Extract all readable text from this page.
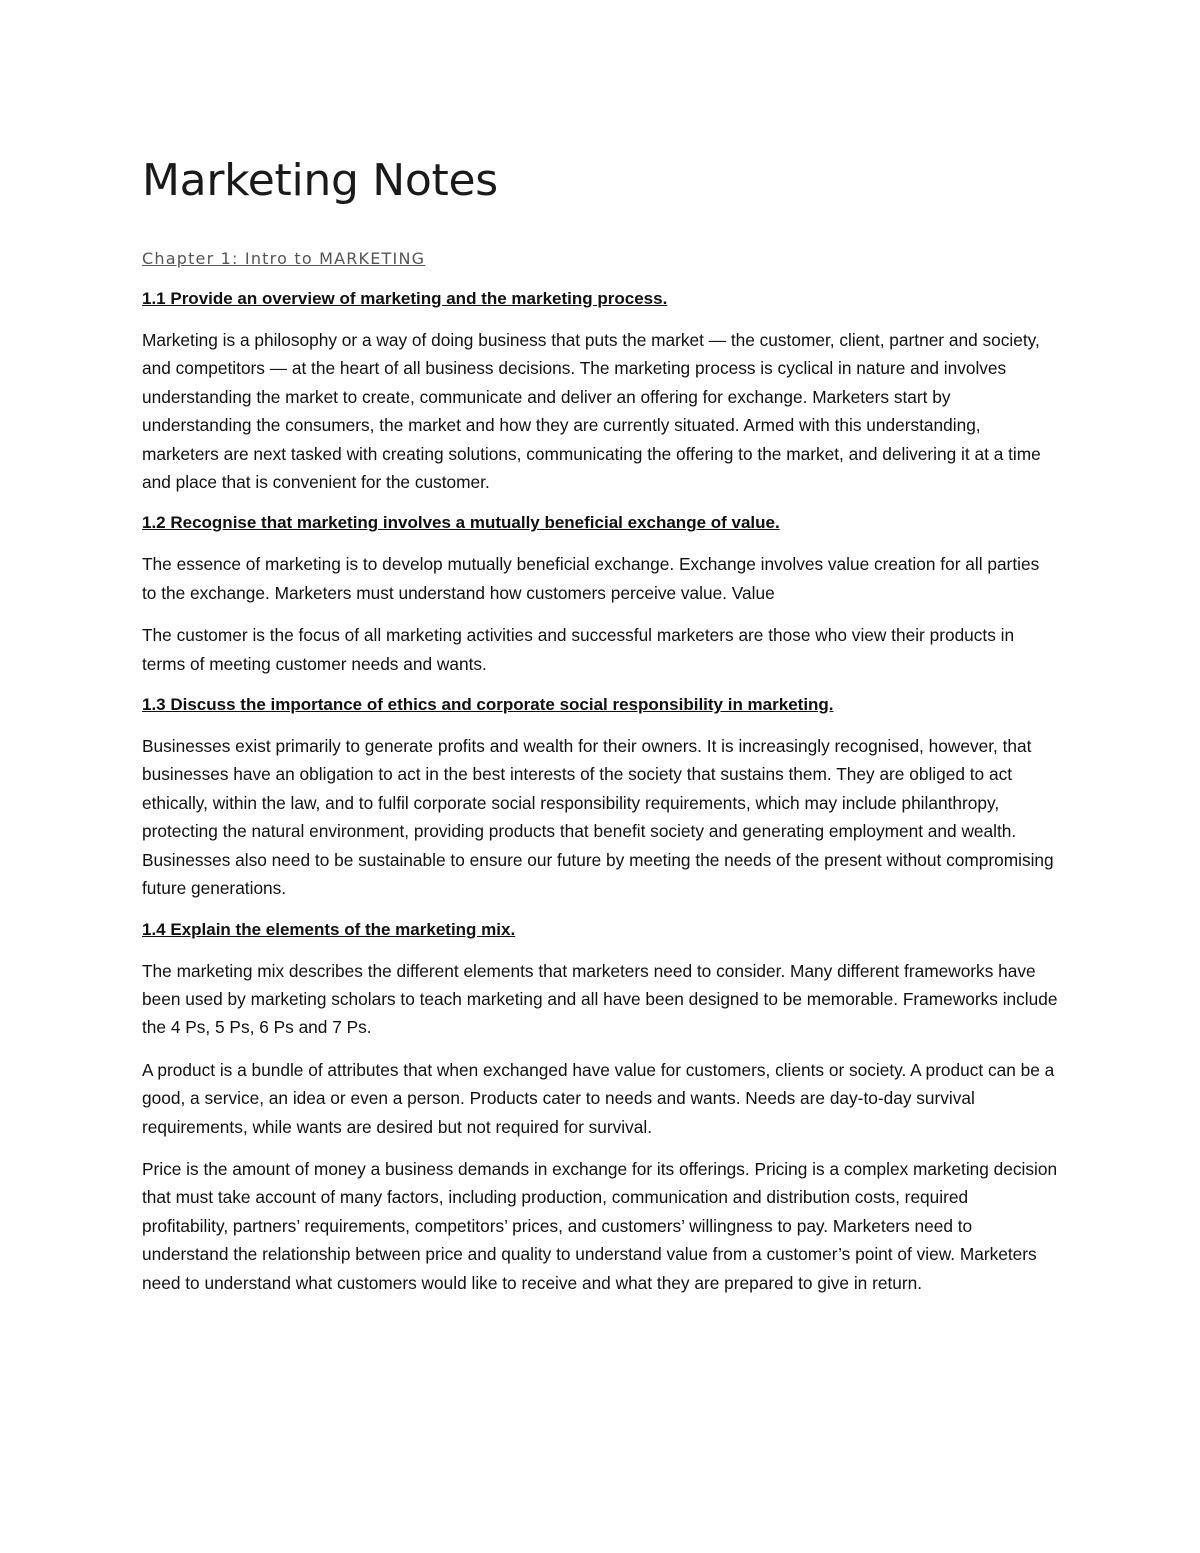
Marketing Notes
Chapter 1: Intro to MARKETING
1.1 Provide an overview of marketing and the marketing process.

Marketing is a philosophy or a way of doing business that puts the market — the customer, client, partner and society, and competitors — at the heart of all business decisions. The marketing process is cyclical in nature and involves understanding the market to create, communicate and deliver an offering for exchange. Marketers start by understanding the consumers, the market and how they are currently situated. Armed with this understanding, marketers are next tasked with creating solutions, communicating the offering to the market, and delivering it at a time and place that is convenient for the customer.

1.2 Recognise that marketing involves a mutually beneficial exchange of value.

The essence of marketing is to develop mutually beneficial exchange. Exchange involves value creation for all parties to the exchange. Marketers must understand how customers perceive value. Value

The customer is the focus of all marketing activities and successful marketers are those who view their products in terms of meeting customer needs and wants.

1.3 Discuss the importance of ethics and corporate social responsibility in marketing.

Businesses exist primarily to generate profits and wealth for their owners. It is increasingly recognised, however, that businesses have an obligation to act in the best interests of the society that sustains them. They are obliged to act ethically, within the law, and to fulfil corporate social responsibility requirements, which may include philanthropy, protecting the natural environment, providing products that benefit society and generating employment and wealth. Businesses also need to be sustainable to ensure our future by meeting the needs of the present without compromising future generations.

1.4 Explain the elements of the marketing mix.

The marketing mix describes the different elements that marketers need to consider. Many different frameworks have been used by marketing scholars to teach marketing and all have been designed to be memorable. Frameworks include the 4 Ps, 5 Ps, 6 Ps and 7 Ps.

A product is a bundle of attributes that when exchanged have value for customers, clients or society. A product can be a good, a service, an idea or even a person. Products cater to needs and wants. Needs are day-to-day survival requirements, while wants are desired but not required for survival.

Price is the amount of money a business demands in exchange for its offerings. Pricing is a complex marketing decision that must take account of many factors, including production, communication and distribution costs, required profitability, partners’ requirements, competitors’ prices, and customers’ willingness to pay. Marketers need to understand the relationship between price and quality to understand value from a customer’s point of view. Marketers need to understand what customers would like to receive and what they are prepared to give in return.
